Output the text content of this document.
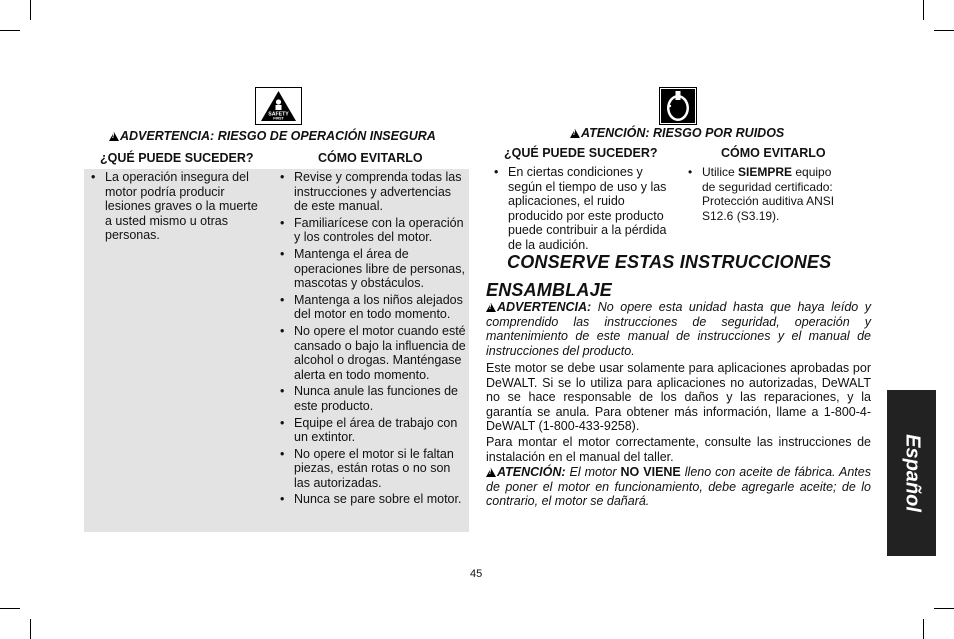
SAFETY
FIRST
!ADVERTENCIA: RIESGO DE OPERACIÓN INSEGURA
¿QUÉ PUEDE SUCEDER?	CÓMO EVITARLO
• La operación insegura del motor podría producir lesiones graves o la muerte a usted mismo u otras personas.
• Revise y comprenda todas las instrucciones y advertencias de este manual.
• Familiarícese con la operación y los controles del motor.
• Mantenga el área de operaciones libre de personas, mascotas y obstáculos.
• Mantenga a los niños alejados del motor en todo momento.
• No opere el motor cuando esté cansado o bajo la influencia de alcohol o drogas. Manténgase alerta en todo momento.
• Nunca anule las funciones de este producto.
• Equipe el área de trabajo con un extintor.
• No opere el motor si le faltan piezas, están rotas o no son las autorizadas.
• Nunca se pare sobre el motor.
!ATENCIÓN: RIESGO POR RUIDOS
¿QUÉ PUEDE SUCEDER?	CÓMO EVITARLO
• En ciertas condiciones y según el tiempo de uso y las aplicaciones, el ruido producido por este producto puede contribuir a la pérdida de la audición.
• Utilice SIEMPRE equipo de seguridad certificado: Protección auditiva ANSI S12.6 (S3.19).
CONSERVE ESTAS INSTRUCCIONES
ENSAMBLAJE
!ADVERTENCIA: No opere esta unidad hasta que haya leído y comprendido las instrucciones de seguridad, operación y mantenimiento de este manual de instrucciones y el manual de instrucciones del producto.
Este motor se debe usar solamente para aplicaciones aprobadas por DeWALT. Si se lo utiliza para aplicaciones no autorizadas, DeWALT no se hace responsable de los daños y las reparaciones, y la garantía se anula. Para obtener más información, llame a 1-800-4-DeWALT (1-800-433-9258).
Para montar el motor correctamente, consulte las instrucciones de instalación en el manual del taller.
!ATENCIÓN: El motor NO VIENE lleno con aceite de fábrica. Antes de poner el motor en funcionamiento, debe agregarle aceite; de lo contrario, el motor se dañará.	Español
45
